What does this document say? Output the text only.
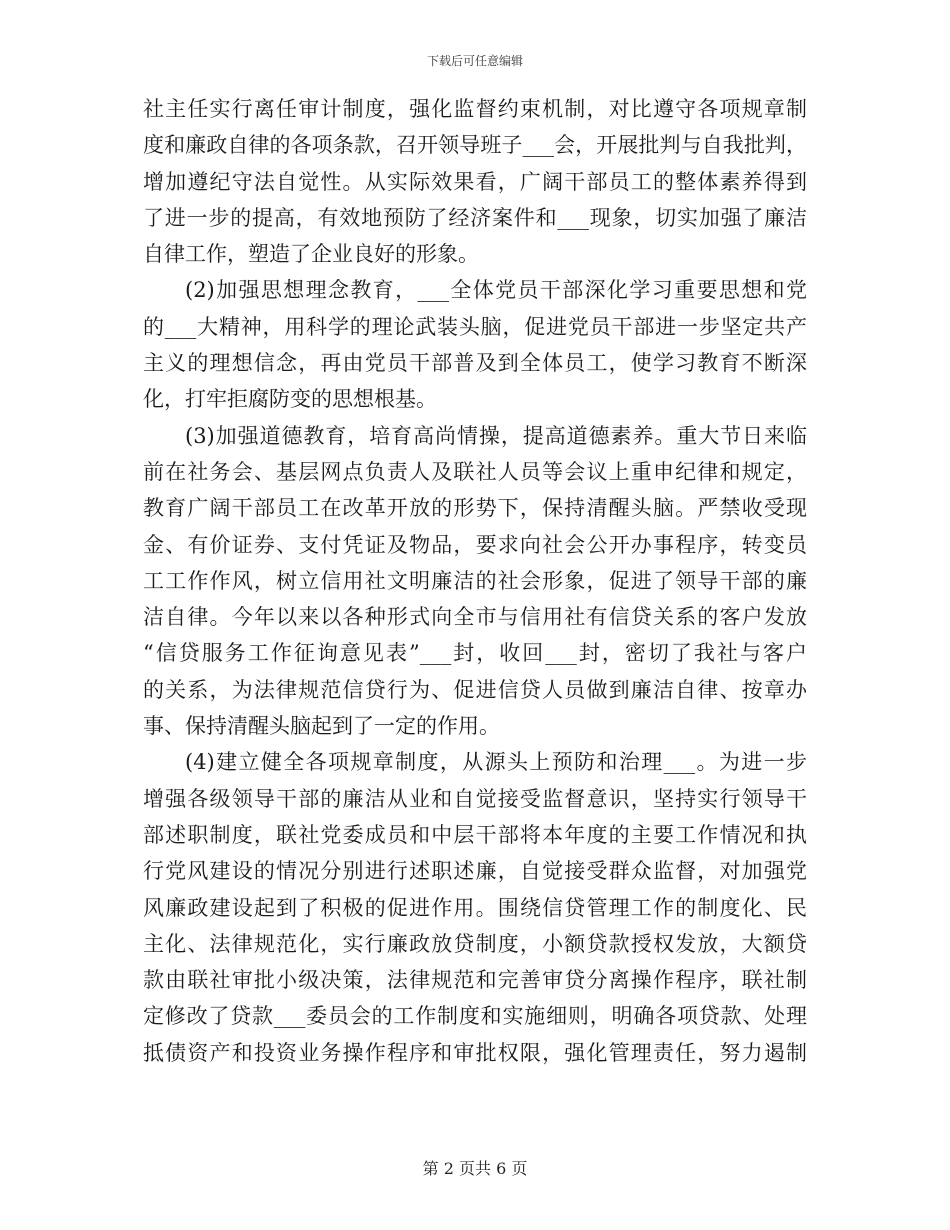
下载后可任意编辑
社主任实行离任审计制度，强化监督约束机制，对比遵守各项规章制
度和廉政自律的各项条款，召开领导班子___会，开展批判与自我批判，
增加遵纪守法自觉性。从实际效果看，广阔干部员工的整体素养得到
了进一步的提高，有效地预防了经济案件和___现象，切实加强了廉洁
自律工作，塑造了企业良好的形象。
(2)加强思想理念教育，___全体党员干部深化学习重要思想和党
的___大精神，用科学的理论武装头脑，促进党员干部进一步坚定共产
主义的理想信念，再由党员干部普及到全体员工，使学习教育不断深
化，打牢拒腐防变的思想根基。
(3)加强道德教育，培育高尚情操，提高道德素养。重大节日来临
前在社务会、基层网点负责人及联社人员等会议上重申纪律和规定，
教育广阔干部员工在改革开放的形势下，保持清醒头脑。严禁收受现
金、有价证券、支付凭证及物品，要求向社会公开办事程序，转变员
工工作作风，树立信用社文明廉洁的社会形象，促进了领导干部的廉
洁自律。今年以来以各种形式向全市与信用社有信贷关系的客户发放
“信贷服务工作征询意见表”___封，收回___封，密切了我社与客户
的关系，为法律规范信贷行为、促进信贷人员做到廉洁自律、按章办
事、保持清醒头脑起到了一定的作用。
(4)建立健全各项规章制度，从源头上预防和治理___。为进一步
增强各级领导干部的廉洁从业和自觉接受监督意识，坚持实行领导干
部述职制度，联社党委成员和中层干部将本年度的主要工作情况和执
行党风建设的情况分别进行述职述廉，自觉接受群众监督，对加强党
风廉政建设起到了积极的促进作用。围绕信贷管理工作的制度化、民
主化、法律规范化，实行廉政放贷制度，小额贷款授权发放，大额贷
款由联社审批小级决策，法律规范和完善审贷分离操作程序，联社制
定修改了贷款___委员会的工作制度和实施细则，明确各项贷款、处理
抵债资产和投资业务操作程序和审批权限，强化管理责任，努力遏制
第 2 页共 6 页
